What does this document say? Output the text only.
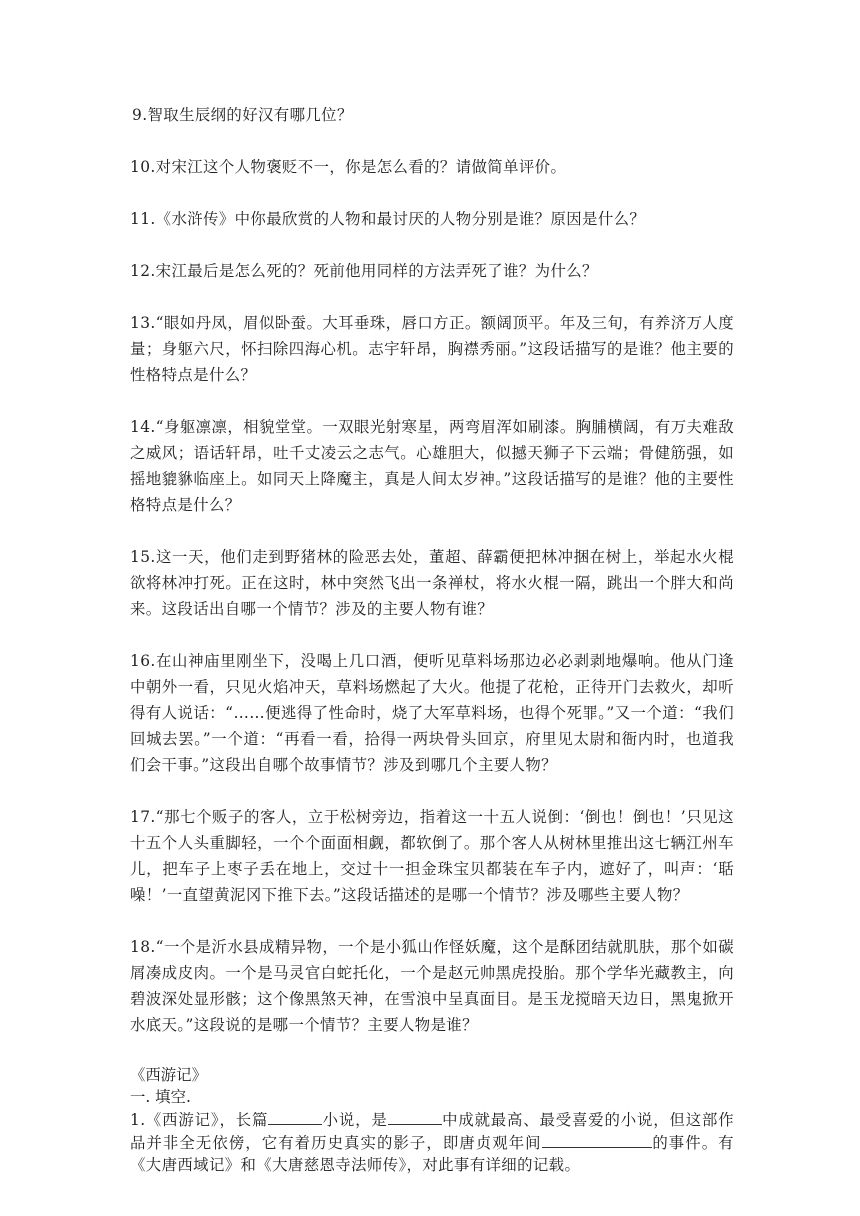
9.智取生辰纲的好汉有哪几位？

10.对宋江这个人物褒贬不一，你是怎么看的？请做简单评价。

11.《水浒传》中你最欣赏的人物和最讨厌的人物分别是谁？原因是什么？

12.宋江最后是怎么死的？死前他用同样的方法弄死了谁？为什么？

13.“眼如丹凤，眉似卧蚕。大耳垂珠，唇口方正。额阔顶平。年及三旬，有养济万人度量；身躯六尺，怀扫除四海心机。志宇轩昂，胸襟秀丽。”这段话描写的是谁？他主要的性格特点是什么？

14.“身躯凛凛，相貌堂堂。一双眼光射寒星，两弯眉浑如刷漆。胸脯横阔，有万夫难敌之威风；语话轩昂，吐千丈凌云之志气。心雄胆大，似撼天狮子下云端；骨健筋强，如摇地貔貅临座上。如同天上降魔主，真是人间太岁神。”这段话描写的是谁？他的主要性格特点是什么？

15.这一天，他们走到野猪林的险恶去处，董超、薛霸便把林冲捆在树上，举起水火棍欲将林冲打死。正在这时，林中突然飞出一条禅杖，将水火棍一隔，跳出一个胖大和尚来。这段话出自哪一个情节？涉及的主要人物有谁？

16.在山神庙里刚坐下，没喝上几口酒，便听见草料场那边必必剥剥地爆响。他从门逢中朝外一看，只见火焰冲天，草料场燃起了大火。他提了花枪，正待开门去救火，却听得有人说话：“……便逃得了性命时，烧了大军草料场，也得个死罪。”又一个道：“我们回城去罢。”一个道：“再看一看，拾得一两块骨头回京，府里见太尉和衙内时，也道我们会干事。”这段出自哪个故事情节？涉及到哪几个主要人物？

17.“那七个贩子的客人，立于松树旁边，指着这一十五人说倒：‘倒也！倒也！’只见这十五个人头重脚轻，一个个面面相觑，都软倒了。那个客人从树林里推出这七辆江州车儿，把车子上枣子丢在地上，交过十一担金珠宝贝都装在车子内，遮好了，叫声：‘聒噪！’一直望黄泥冈下推下去。”这段话描述的是哪一个情节？涉及哪些主要人物？

18.“一个是沂水县成精异物，一个是小狐山作怪妖魔，这个是酥团结就肌肤，那个如碳屑凑成皮肉。一个是马灵官白蛇托化，一个是赵元帅黑虎投胎。那个学华光藏教主，向碧波深处显形骸；这个像黑煞天神，在雪浪中呈真面目。是玉龙搅暗天边日，黑鬼掀开水底天。”这段说的是哪一个情节？主要人物是谁？

《西游记》

一. 填空.

1.《西游记》，长篇	小说，是	中成就最高、最受喜爱的小说，但这部作品并非全无依傍，它有着历史真实的影子，即唐贞观年间	的事件。有《大唐西域记》和《大唐慈恩寺法师传》，对此事有详细的记载。
